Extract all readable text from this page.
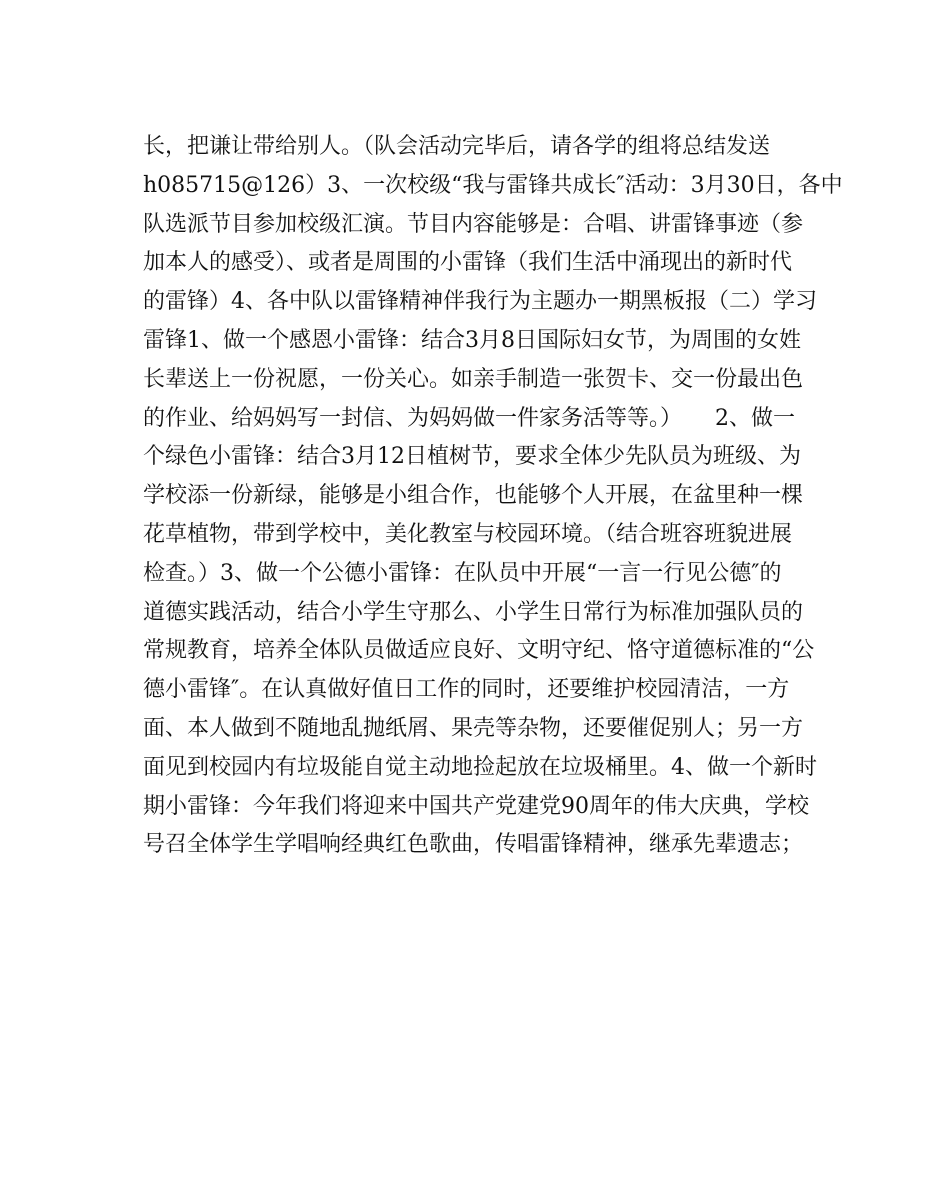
长，把谦让带给别人。（队会活动完毕后，请各学的组将总结发送
h085715@126）3、一次校级“我与雷锋共成长″活动：3月30日，各中
队选派节目参加校级汇演。节目内容能够是：合唱、讲雷锋事迹（参
加本人的感受）、或者是周围的小雷锋（我们生活中涌现出的新时代
的雷锋）4、各中队以雷锋精神伴我行为主题办一期黑板报（二）学习
雷锋1、做一个感恩小雷锋：结合3月8日国际妇女节，为周围的女姓
长辈送上一份祝愿，一份关心。如亲手制造一张贺卡、交一份最出色
的作业、给妈妈写一封信、为妈妈做一件家务活等等。）　　2、做一
个绿色小雷锋：结合3月12日植树节，要求全体少先队员为班级、为
学校添一份新绿，能够是小组合作，也能够个人开展，在盆里种一棵
花草植物，带到学校中，美化教室与校园环境。（结合班容班貌进展
检查。）3、做一个公德小雷锋：在队员中开展“一言一行见公德″的
道德实践活动，结合小学生守那么、小学生日常行为标准加强队员的
常规教育，培养全体队员做适应良好、文明守纪、恪守道德标准的“公
德小雷锋″。在认真做好值日工作的同时，还要维护校园清洁，一方
面、本人做到不随地乱抛纸屑、果壳等杂物，还要催促别人；另一方
面见到校园内有垃圾能自觉主动地捡起放在垃圾桶里。4、做一个新时
期小雷锋：今年我们将迎来中国共产党建党90周年的伟大庆典，学校
号召全体学生学唱响经典红色歌曲，传唱雷锋精神，继承先辈遗志；
